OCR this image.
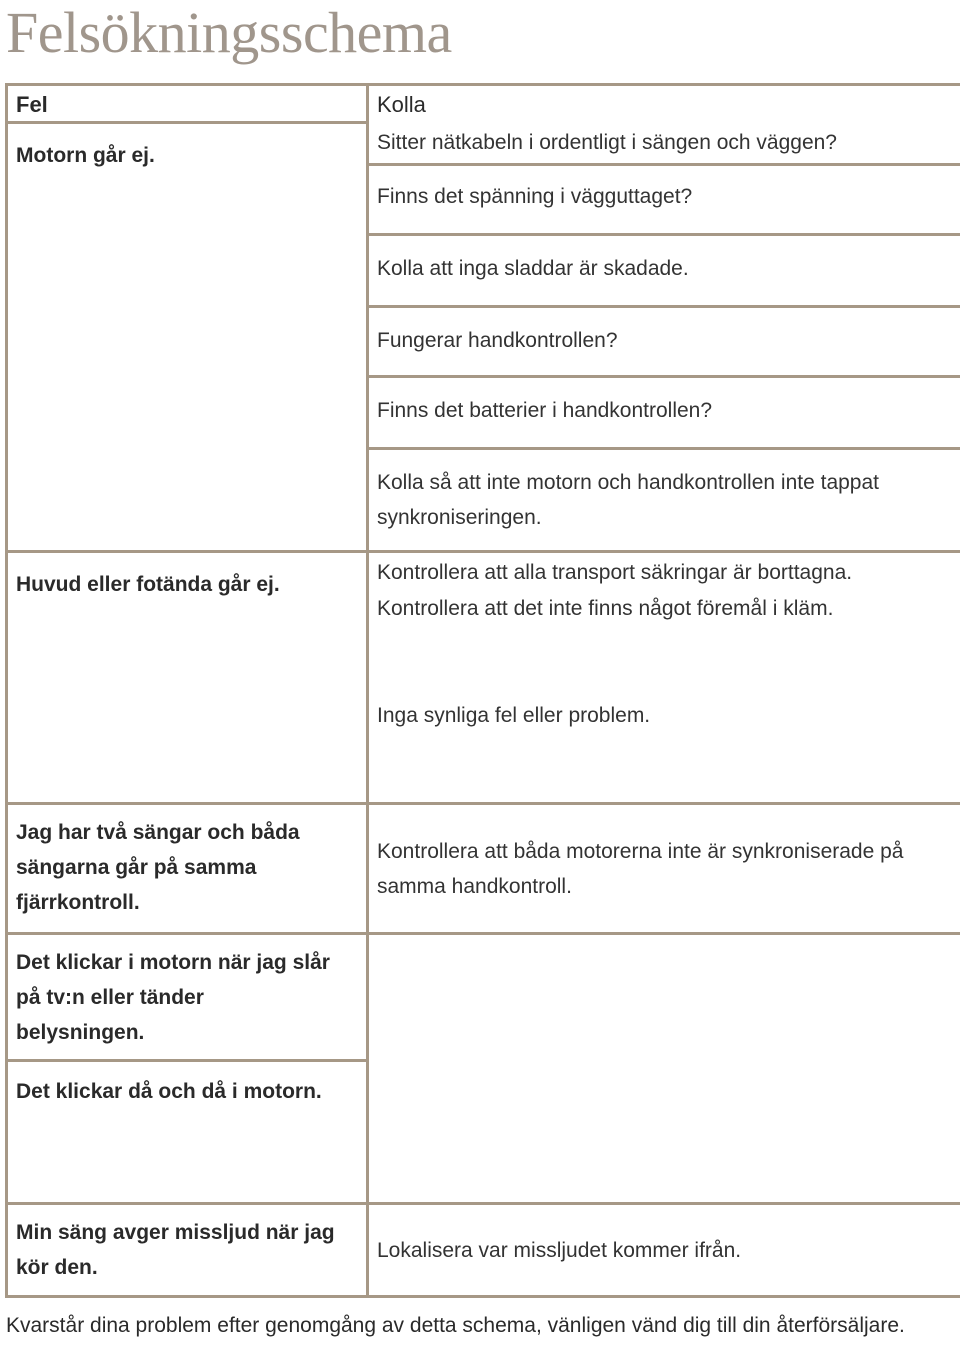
Felsökningsschema
Fel	Kolla
Motorn går ej.
Sitter nätkabeln i ordentligt i sängen och väggen?
Finns det spänning i vägguttaget?
Kolla att inga sladdar är skadade.
Fungerar handkontrollen?
Finns det batterier i handkontrollen?
Kolla så att inte motorn och handkontrollen inte tappat synkroniseringen.
Huvud eller fotända går ej.
Kontrollera att alla transport säkringar är borttagna.
Kontrollera att det inte finns något föremål i kläm.
Inga synliga fel eller problem.
Jag har två sängar och båda sängarna går på samma fjärrkontroll.
Kontrollera att båda motorerna inte är synkroniserade på samma handkontroll.
Det klickar i motorn när jag slår på tv:n eller tänder belysningen.
Det klickar då och då i motorn.
Min säng avger missljud när jag kör den.
Lokalisera var missljudet kommer ifrån.
Kvarstår dina problem efter genomgång av detta schema, vänligen vänd dig till din återförsäljare.
